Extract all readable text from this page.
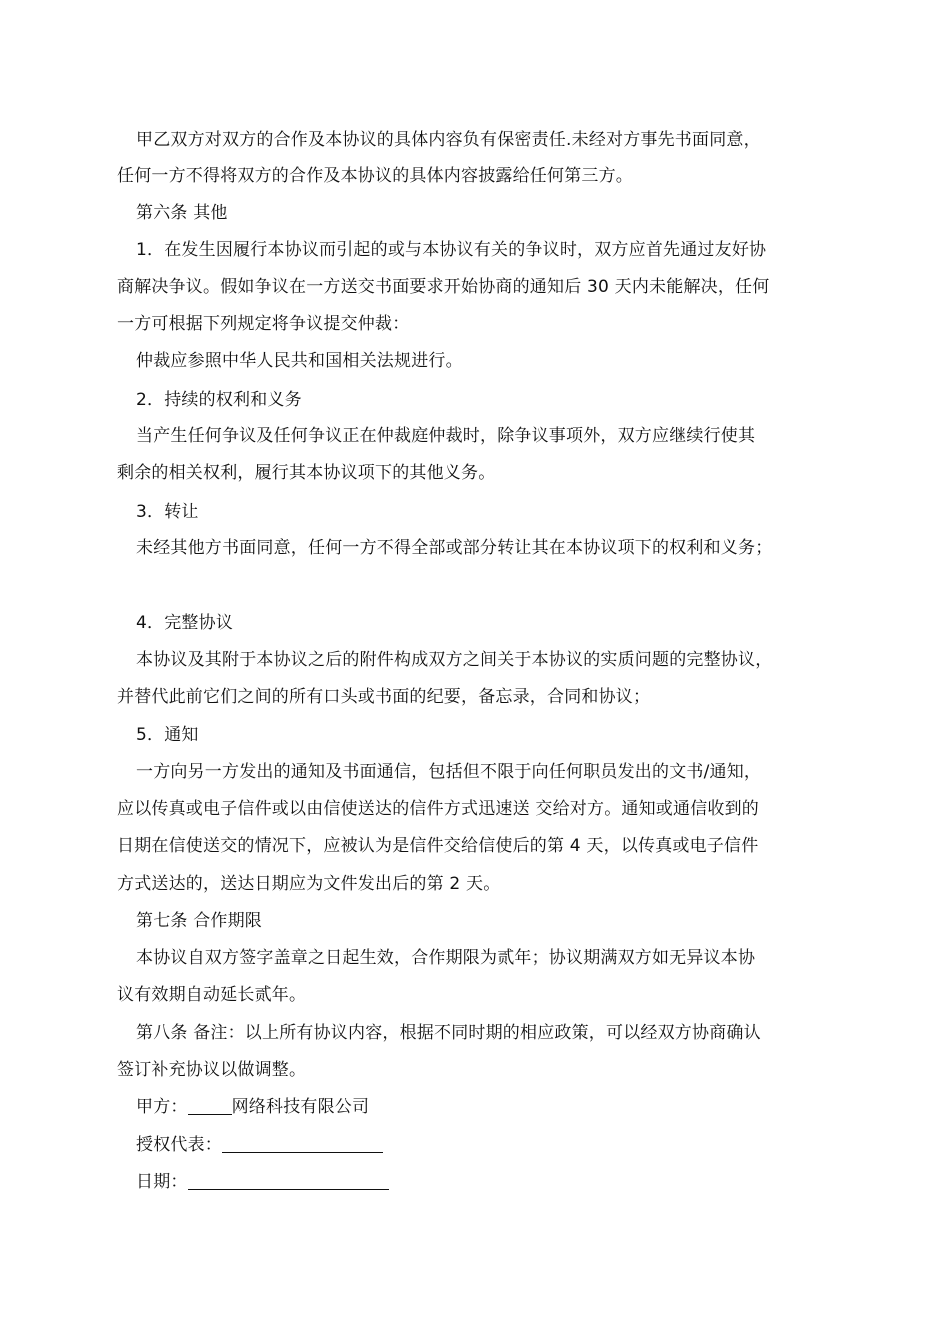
甲乙双方对双方的合作及本协议的具体内容负有保密责任.未经对方事先书面同意，
任何一方不得将双方的合作及本协议的具体内容披露给任何第三方。
第六条 其他
1．在发生因履行本协议而引起的或与本协议有关的争议时，双方应首先通过友好协
商解决争议。假如争议在一方送交书面要求开始协商的通知后 30 天内未能解决，任何
一方可根据下列规定将争议提交仲裁：
仲裁应参照中华人民共和国相关法规进行。
2．持续的权利和义务
当产生任何争议及任何争议正在仲裁庭仲裁时，除争议事项外，双方应继续行使其
剩余的相关权利，履行其本协议项下的其他义务。
3．转让
未经其他方书面同意，任何一方不得全部或部分转让其在本协议项下的权利和义务；
4．完整协议
本协议及其附于本协议之后的附件构成双方之间关于本协议的实质问题的完整协议，
并替代此前它们之间的所有口头或书面的纪要，备忘录，合同和协议；
5．通知
一方向另一方发出的通知及书面通信，包括但不限于向任何职员发出的文书/通知，
应以传真或电子信件或以由信使送达的信件方式迅速送 交给对方。通知或通信收到的
日期在信使送交的情况下，应被认为是信件交给信使后的第 4 天，以传真或电子信件
方式送达的，送达日期应为文件发出后的第 2 天。
第七条 合作期限
本协议自双方签字盖章之日起生效，合作期限为贰年；协议期满双方如无异议本协
议有效期自动延长贰年。
第八条 备注：以上所有协议内容，根据不同时期的相应政策，可以经双方协商确认
签订补充协议以做调整。
甲方：	网络科技有限公司
授权代表：
日期：
